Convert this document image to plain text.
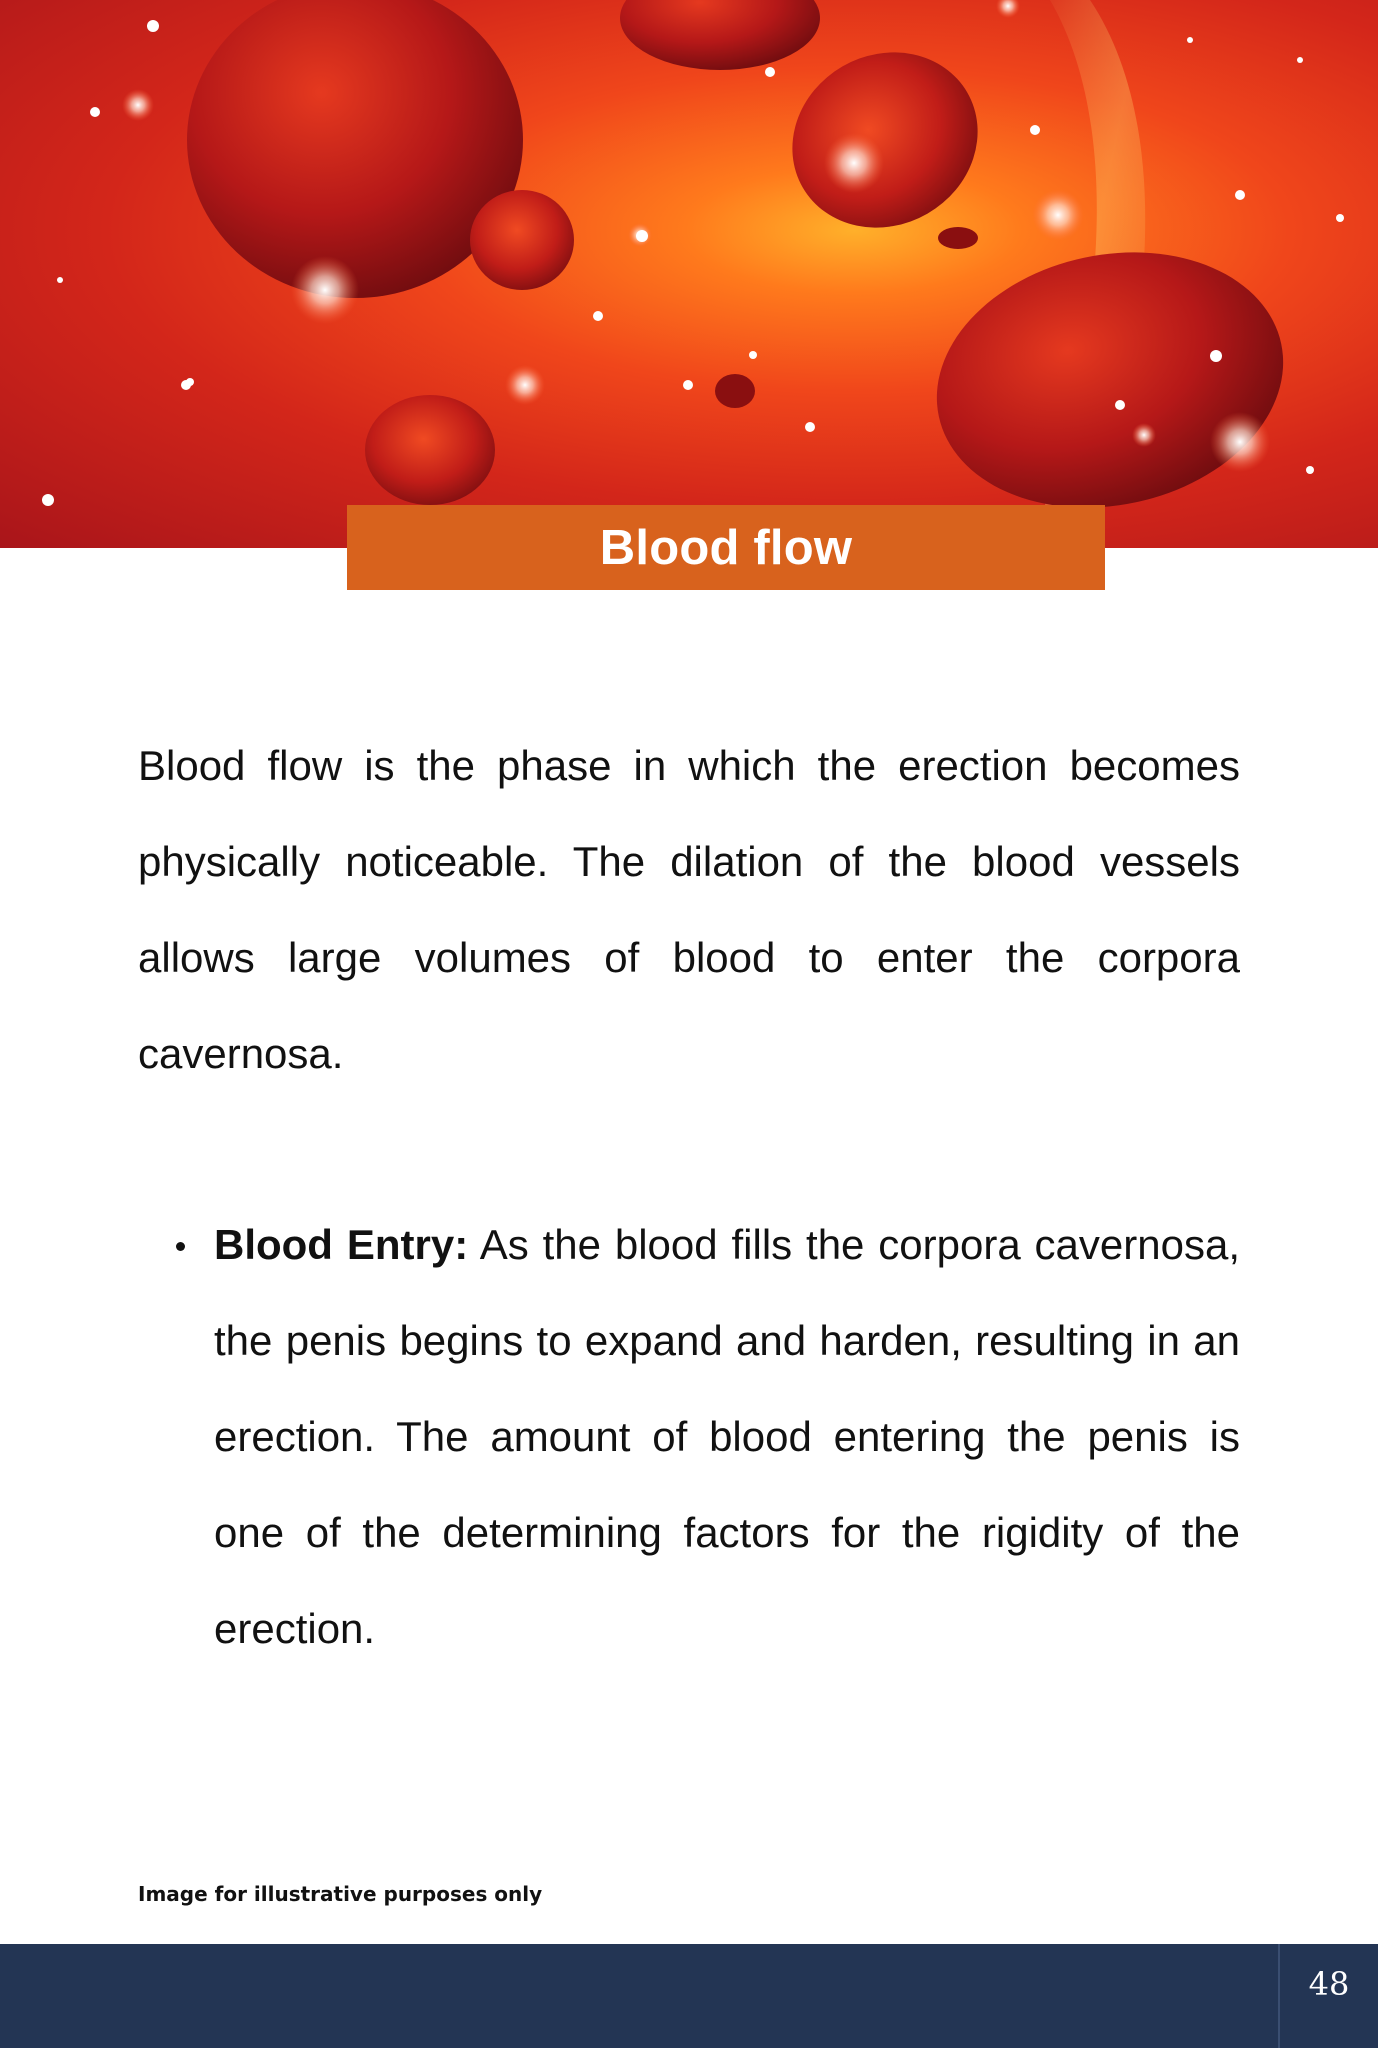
Blood flow

Blood flow is the phase in which the erection becomes physically noticeable. The dilation of the blood vessels allows large volumes of blood to enter the corpora cavernosa.

Blood Entry: As the blood fills the corpora cavernosa, the penis begins to expand and harden, resulting in an erection. The amount of blood entering the penis is one of the determining factors for the rigidity of the erection.
Image for illustrative purposes only
48
